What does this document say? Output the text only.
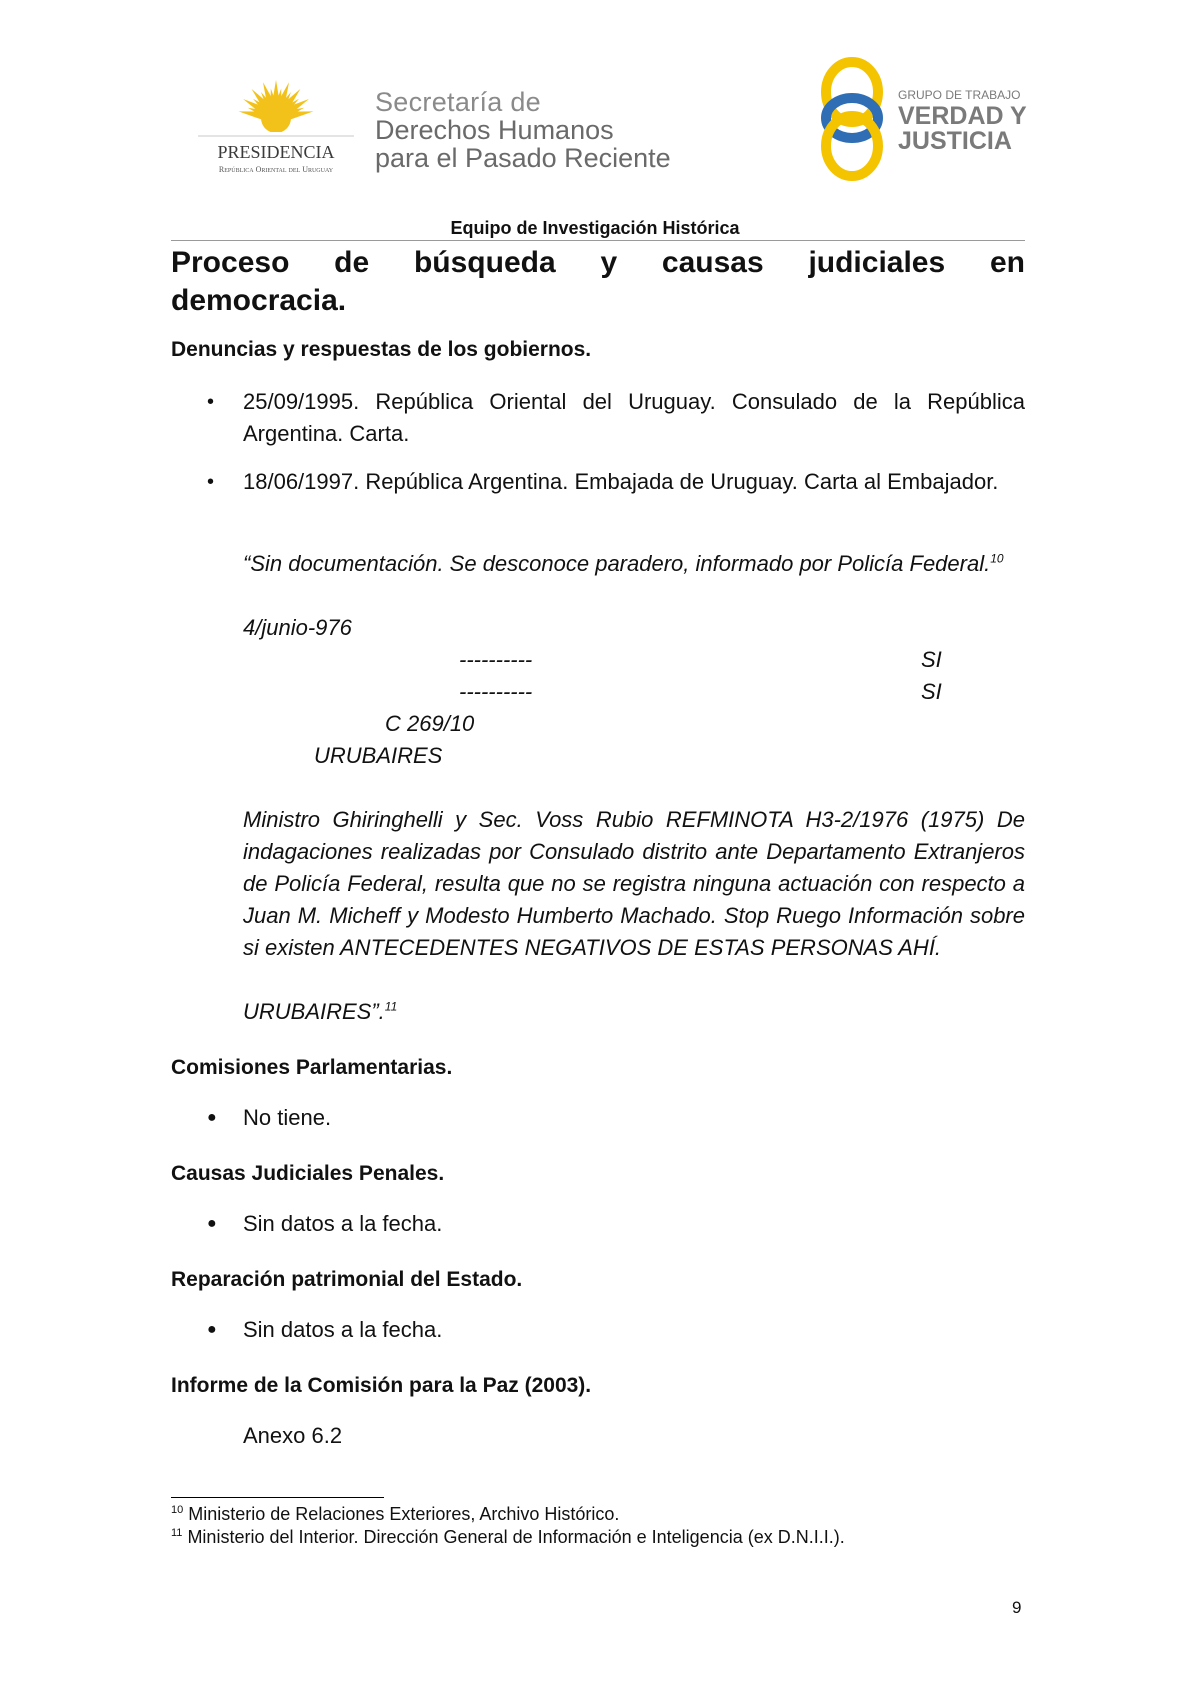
PRESIDENCIA
República Oriental del Uruguay
Secretaría de
Derechos Humanos
para el Pasado Reciente
GRUPO DE TRABAJO
VERDAD Y
JUSTICIA
Equipo de Investigación Histórica
Proceso de búsqueda y causas judiciales en
democracia.
Denuncias y respuestas de los gobiernos.
• 25/09/1995. República Oriental del Uruguay. Consulado de la República Argentina. Carta.
• 18/06/1997. República Argentina. Embajada de Uruguay. Carta al Embajador.
“Sin documentación. Se desconoce paradero, informado por Policía Federal.$^{10}$
4/junio-976
----------	SI
----------	SI
C 269/10
URUBAIRES
Ministro Ghiringhelli y Sec. Voss Rubio REFMINOTA H3-2/1976 (1975) De indagaciones realizadas por Consulado distrito ante Departamento Extranjeros de Policía Federal, resulta que no se registra ninguna actuación con respecto a Juan M. Micheff y Modesto Humberto Machado. Stop Ruego Información sobre si existen ANTECEDENTES NEGATIVOS DE ESTAS PERSONAS AHÍ.
URUBAIRES”.$^{11}$
Comisiones Parlamentarias.
● No tiene.
Causas Judiciales Penales.
● Sin datos a la fecha.
Reparación patrimonial del Estado.
● Sin datos a la fecha.
Informe de la Comisión para la Paz (2003).
Anexo 6.2
$^{10}$ Ministerio de Relaciones Exteriores, Archivo Histórico.
$^{11}$ Ministerio del Interior. Dirección General de Información e Inteligencia (ex D.N.I.I.).
9
